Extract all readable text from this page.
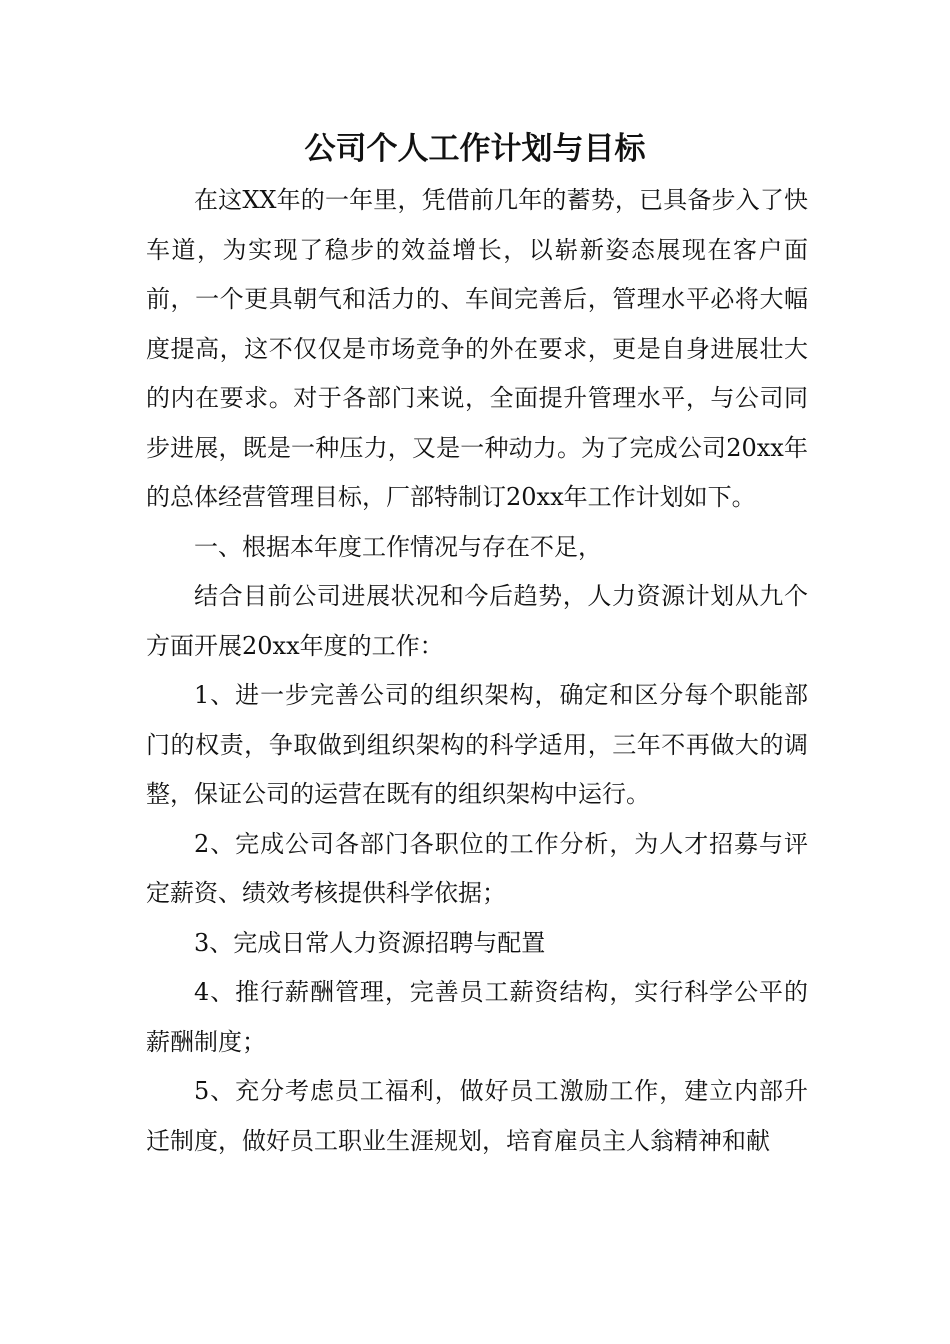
公司个人工作计划与目标

在这XX年的一年里，凭借前几年的蓄势，已具备步入了快车道，为实现了稳步的效益增长，以崭新姿态展现在客户面前，一个更具朝气和活力的、车间完善后，管理水平必将大幅度提高，这不仅仅是市场竞争的外在要求，更是自身进展壮大的内在要求。对于各部门来说，全面提升管理水平，与公司同步进展，既是一种压力，又是一种动力。为了完成公司20xx年的总体经营管理目标，厂部特制订20xx年工作计划如下。

一、根据本年度工作情况与存在不足，

结合目前公司进展状况和今后趋势，人力资源计划从九个方面开展20xx年度的工作：

1、进一步完善公司的组织架构，确定和区分每个职能部门的权责，争取做到组织架构的科学适用，三年不再做大的调整，保证公司的运营在既有的组织架构中运行。

2、完成公司各部门各职位的工作分析，为人才招募与评定薪资、绩效考核提供科学依据；

3、完成日常人力资源招聘与配置

4、推行薪酬管理，完善员工薪资结构，实行科学公平的薪酬制度；

5、充分考虑员工福利，做好员工激励工作，建立内部升迁制度，做好员工职业生涯规划，培育雇员主人翁精神和献
